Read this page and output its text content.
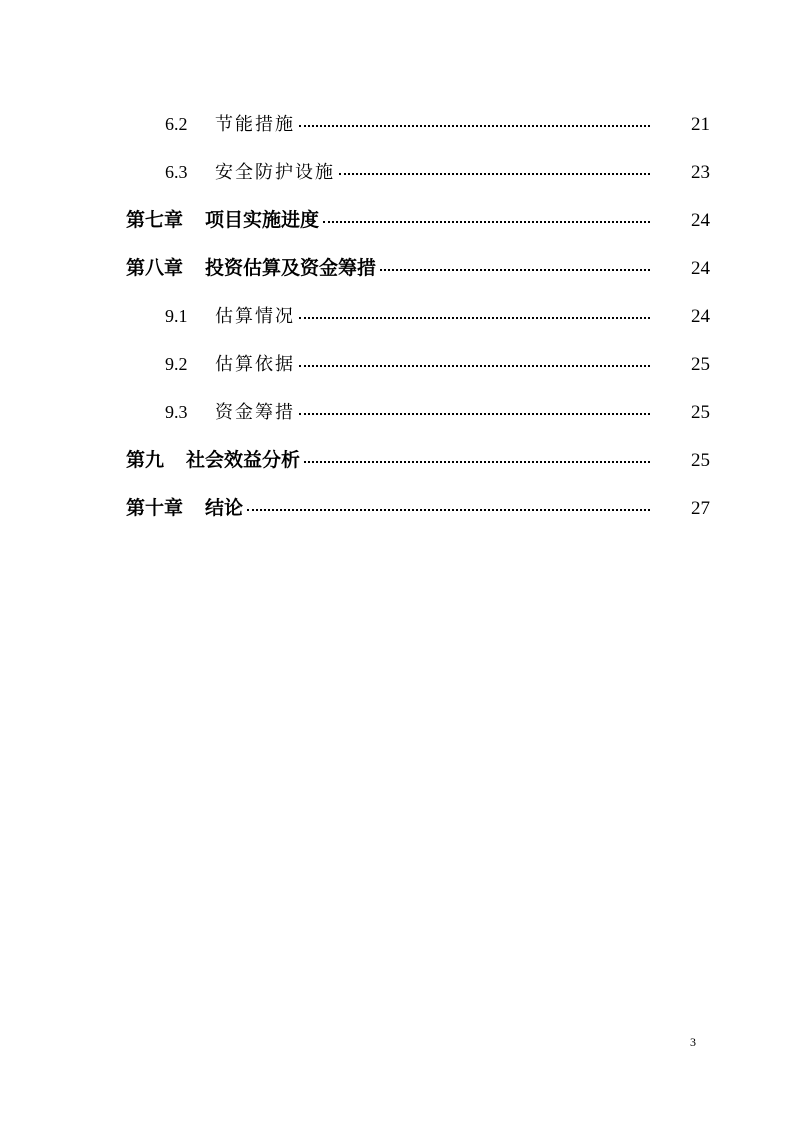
6.2	节能措施	21
6.3	安全防护设施	23
第七章 项目实施进度	24
第八章 投资估算及资金筹措	24
9.1	估算情况	24
9.2	估算依据	25
9.3	资金筹措	25
第九 社会效益分析	25
第十章 结论	27
3
